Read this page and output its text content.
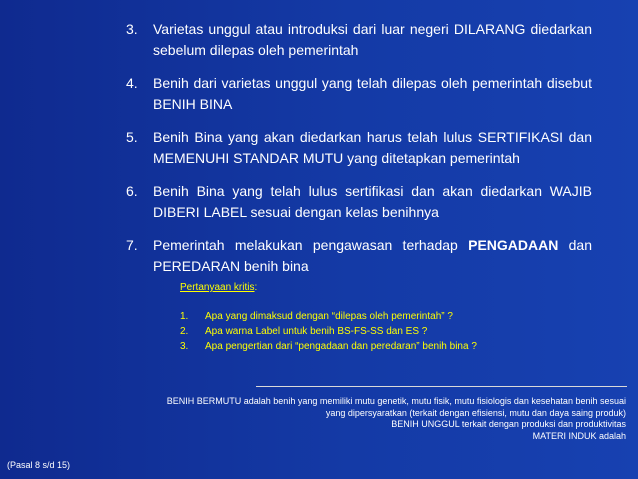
3.	Varietas unggul atau introduksi dari luar negeri DILARANG diedarkan sebelum dilepas oleh pemerintah
4.	Benih dari varietas unggul yang telah dilepas oleh pemerintah disebut BENIH BINA
5.	Benih Bina yang akan diedarkan harus telah lulus SERTIFIKASI dan MEMENUHI STANDAR MUTU yang ditetapkan pemerintah
6.	Benih Bina yang telah lulus sertifikasi dan akan diedarkan WAJIB DIBERI LABEL sesuai dengan kelas benihnya
7.	Pemerintah melakukan pengawasan terhadap PENGADAAN dan PEREDARAN benih bina
Pertanyaan kritis:
1.	Apa yang dimaksud dengan “dilepas oleh pemerintah” ?
2.	Apa warna Label untuk benih BS-FS-SS dan ES ?
3.	Apa pengertian dari “pengadaan dan peredaran” benih bina ?
BENIH BERMUTU adalah benih yang memiliki mutu genetik, mutu fisik, mutu fisiologis dan kesehatan benih sesuai
yang dipersyaratkan (terkait dengan efisiensi, mutu dan daya saing produk)
BENIH UNGGUL terkait dengan produksi dan produktivitas
MATERI INDUK adalah
(Pasal 8 s/d 15)
